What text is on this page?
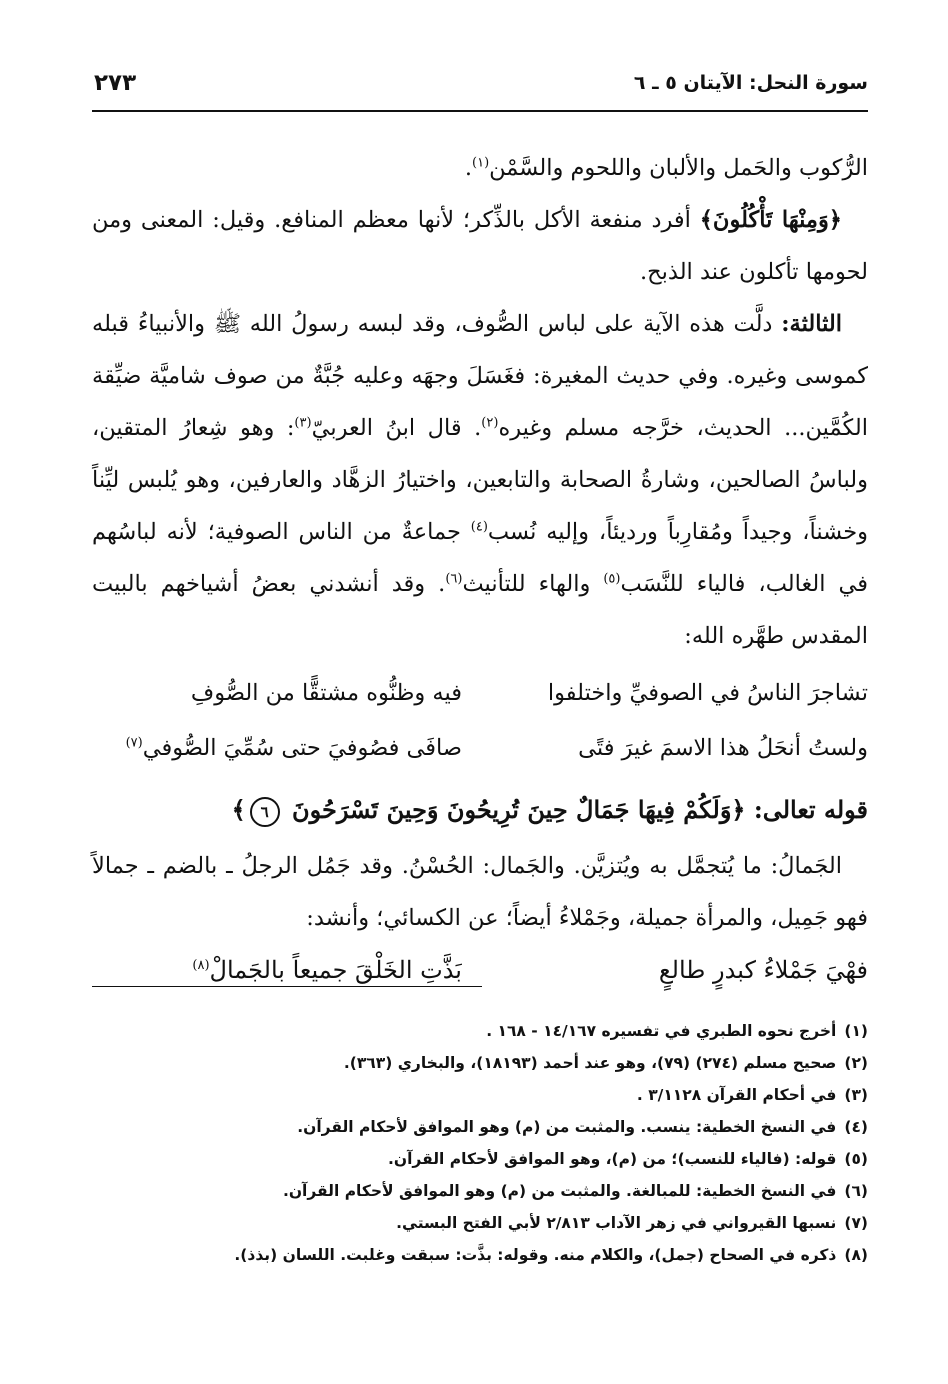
سورة النحل: الآيتان ٥ ـ ٦
٢٧٣

الرُّكوب والحَمل والألبان واللحوم والسَّمْن$^{(١)}$.

﴿وَمِنْهَا تَأْكُلُونَ﴾ أفرد منفعة الأكل بالذِّكر؛ لأنها معظم المنافع. وقيل: المعنى ومن لحومها تأكلون عند الذبح.

الثالثة: دلَّت هذه الآية على لباس الصُّوف، وقد لبسه رسولُ الله ﷺ والأنبياءُ قبله كموسى وغيره. وفي حديث المغيرة: فغَسَلَ وجهَه وعليه جُبَّةٌ من صوف شاميَّة ضيِّقة الكُمَّين... الحديث، خرَّجه مسلم وغيره$^{(٢)}$. قال ابنُ العربيّ$^{(٣)}$: وهو شِعارُ المتقين، ولباسُ الصالحين، وشارةُ الصحابة والتابعين، واختيارُ الزهَّاد والعارفين، وهو يُلبس ليِّناً وخشناً، وجيداً ومُقارِباً ورديئاً، وإليه نُسب$^{(٤)}$ جماعةٌ من الناس الصوفية؛ لأنه لباسُهم في الغالب، فالياء للنَّسَب$^{(٥)}$ والهاء للتأنيث$^{(٦)}$. وقد أنشدني بعضُ أشياخهم بالبيت المقدس طهَّره الله:

تشاجرَ الناسُ في الصوفيِّ واختلفوا
فيه وظنُّوه مشتقًّا من الصُّوفِ
ولستُ أنحَلُ هذا الاسمَ غيرَ فتًى
صافَى فصُوفيَ حتى سُمِّيَ الصُّوفي$^{(٧)}$

قوله تعالى: ﴿وَلَكُمْ فِيهَا جَمَالٌ حِينَ تُرِيحُونَ وَحِينَ تَسْرَحُونَ ٦﴾

الجَمالُ: ما يُتجمَّل به ويُتزيَّن. والجَمال: الحُسْنُ. وقد جَمُل الرجلُ ـ بالضم ـ جمالاً فهو جَمِيل، والمرأة جميلة، وجَمْلاءُ أيضاً؛ عن الكسائي؛ وأنشد:

فهْيَ جَمْلاءُ كبدرٍ طالعٍ
بَذَّتِ الخَلْقَ جميعاً بالجَمالْ$^{(٨)}$
(١)
أخرج نحوه الطبري في تفسيره ١٤/١٦٧ - ١٦٨ .
(٢)
صحيح مسلم (٢٧٤) (٧٩)، وهو عند أحمد (١٨١٩٣)، والبخاري (٣٦٣).
(٣)
في أحكام القرآن ٣/١١٢٨ .
(٤)
في النسخ الخطية: ينسب. والمثبت من (م) وهو الموافق لأحكام القرآن.
(٥)
قوله: (فالياء للنسب)؛ من (م)، وهو الموافق لأحكام القرآن.
(٦)
في النسخ الخطية: للمبالغة. والمثبت من (م) وهو الموافق لأحكام القرآن.
(٧)
نسبها القيرواني في زهر الآداب ٢/٨١٣ لأبي الفتح البستي.
(٨)
ذكره في الصحاح (جمل)، والكلام منه. وقوله: بذَّت: سبقت وغلبت. اللسان (بذذ).
